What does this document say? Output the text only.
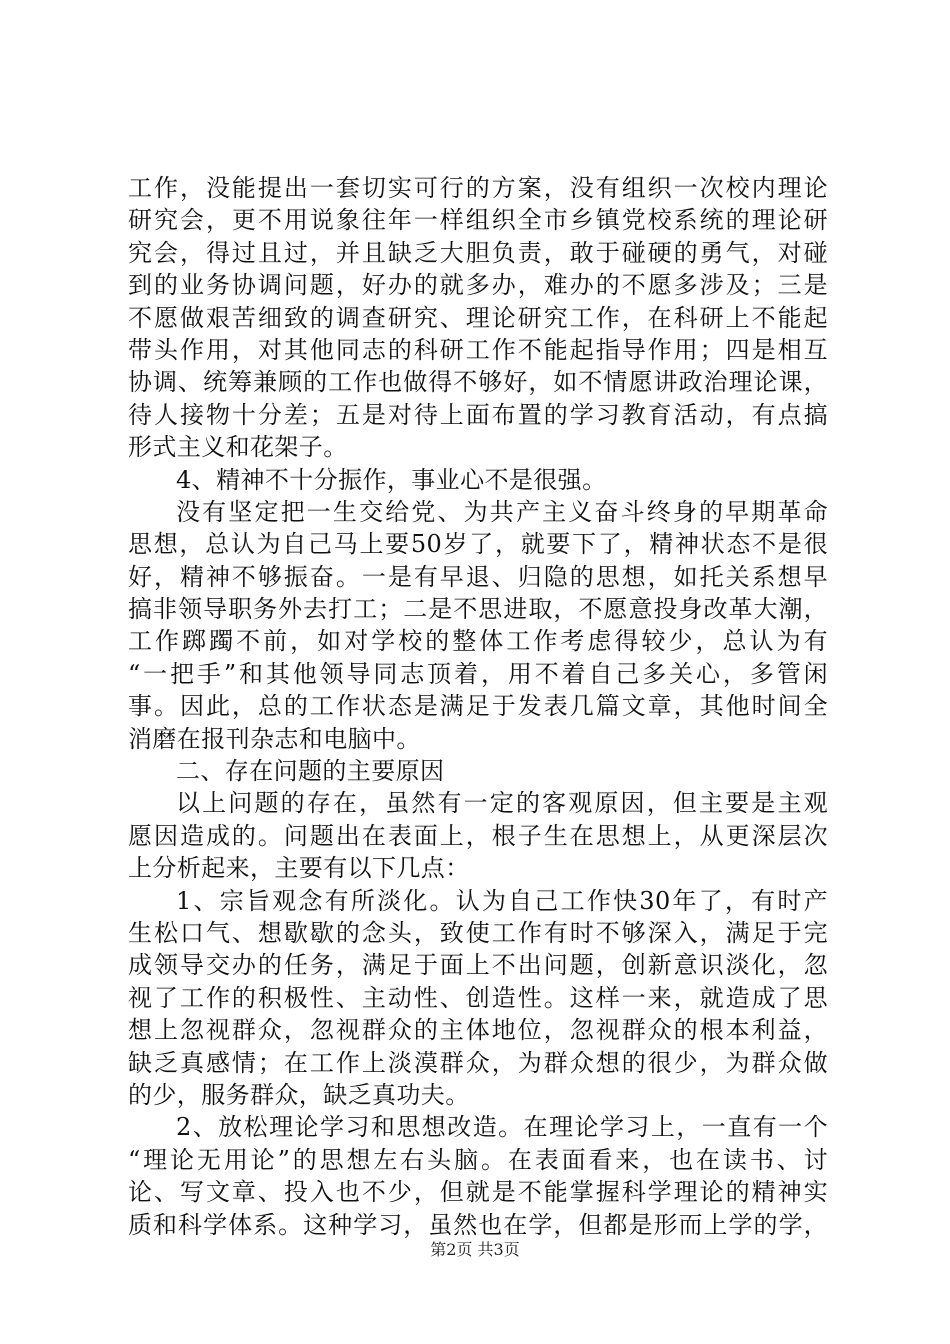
工作，没能提出一套切实可行的方案，没有组织一次校内理论
研究会，更不用说象往年一样组织全市乡镇党校系统的理论研
究会，得过且过，并且缺乏大胆负责，敢于碰硬的勇气，对碰
到的业务协调问题，好办的就多办，难办的不愿多涉及；三是
不愿做艰苦细致的调查研究、理论研究工作，在科研上不能起
带头作用，对其他同志的科研工作不能起指导作用；四是相互
协调、统筹兼顾的工作也做得不够好，如不情愿讲政治理论课，
待人接物十分差；五是对待上面布置的学习教育活动，有点搞
形式主义和花架子。
4、精神不十分振作，事业心不是很强。
没有坚定把一生交给党、为共产主义奋斗终身的早期革命
思想，总认为自己马上要50岁了，就要下了，精神状态不是很
好，精神不够振奋。一是有早退、归隐的思想，如托关系想早
搞非领导职务外去打工；二是不思进取，不愿意投身改革大潮，
工作踯躅不前，如对学校的整体工作考虑得较少，总认为有
“一把手”和其他领导同志顶着，用不着自己多关心，多管闲
事。因此，总的工作状态是满足于发表几篇文章，其他时间全
消磨在报刊杂志和电脑中。
二、存在问题的主要原因
以上问题的存在，虽然有一定的客观原因，但主要是主观
愿因造成的。问题出在表面上，根子生在思想上，从更深层次
上分析起来，主要有以下几点：
1、宗旨观念有所淡化。认为自己工作快30年了，有时产
生松口气、想歇歇的念头，致使工作有时不够深入，满足于完
成领导交办的任务，满足于面上不出问题，创新意识淡化，忽
视了工作的积极性、主动性、创造性。这样一来，就造成了思
想上忽视群众，忽视群众的主体地位，忽视群众的根本利益，
缺乏真感情；在工作上淡漠群众，为群众想的很少，为群众做
的少，服务群众，缺乏真功夫。
2、放松理论学习和思想改造。在理论学习上，一直有一个
“理论无用论”的思想左右头脑。在表面看来，也在读书、讨
论、写文章、投入也不少，但就是不能掌握科学理论的精神实
质和科学体系。这种学习，虽然也在学，但都是形而上学的学，
第2页 共3页
